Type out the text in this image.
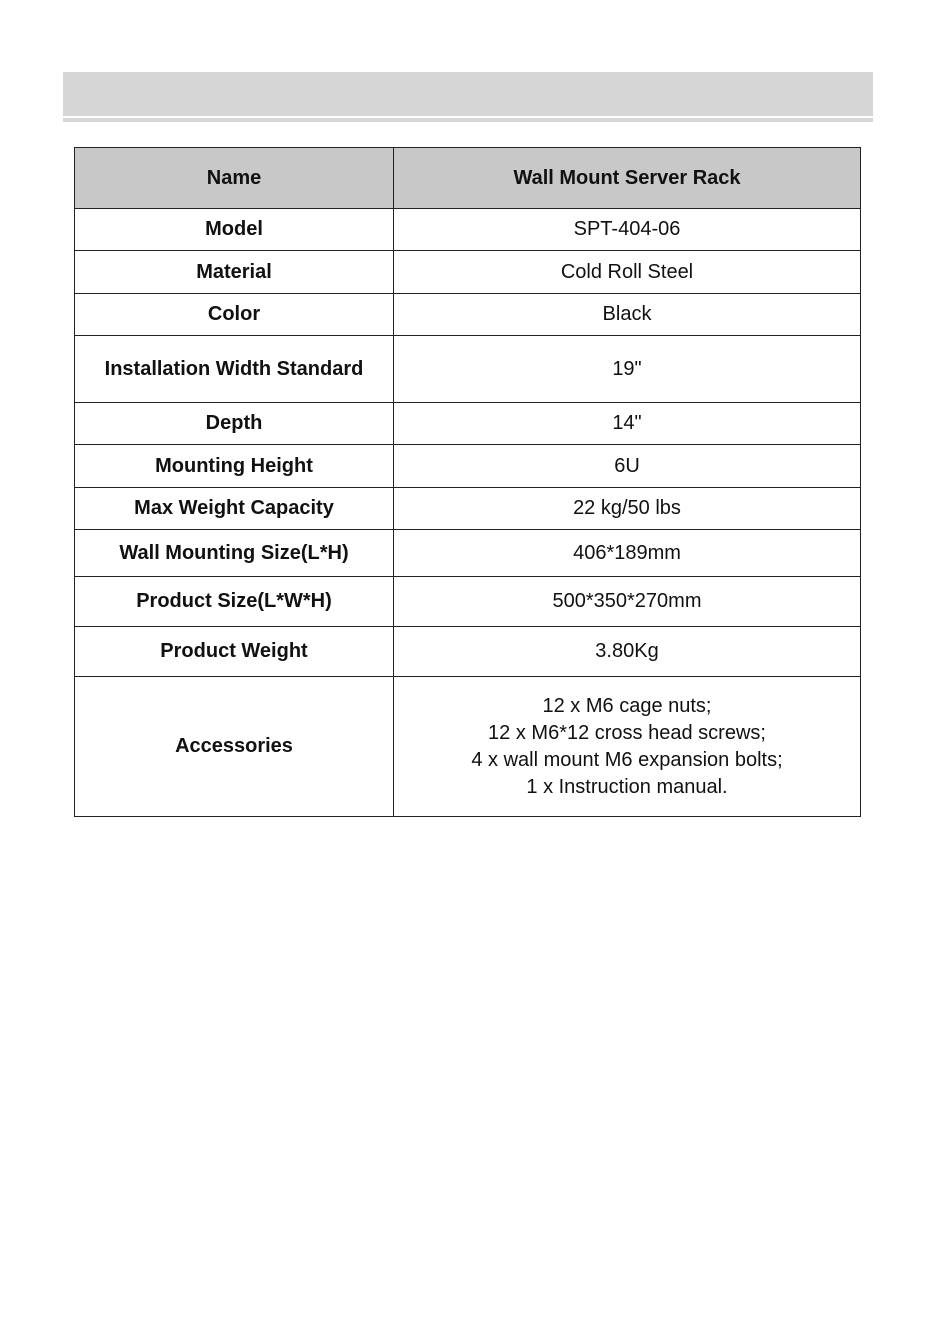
Name	Wall Mount Server Rack
Model	SPT-404-06
Material	Cold Roll Steel
Color	Black
Installation Width Standard	19"
Depth	14"
Mounting Height	6U
Max Weight Capacity	22 kg/50 lbs
Wall Mounting Size(L*H)	406*189mm
Product Size(L*W*H)	500*350*270mm
Product Weight	3.80Kg
Accessories	12 x M6 cage nuts;
12 x M6*12 cross head screws;
4 x wall mount M6 expansion bolts;
1 x Instruction manual.
